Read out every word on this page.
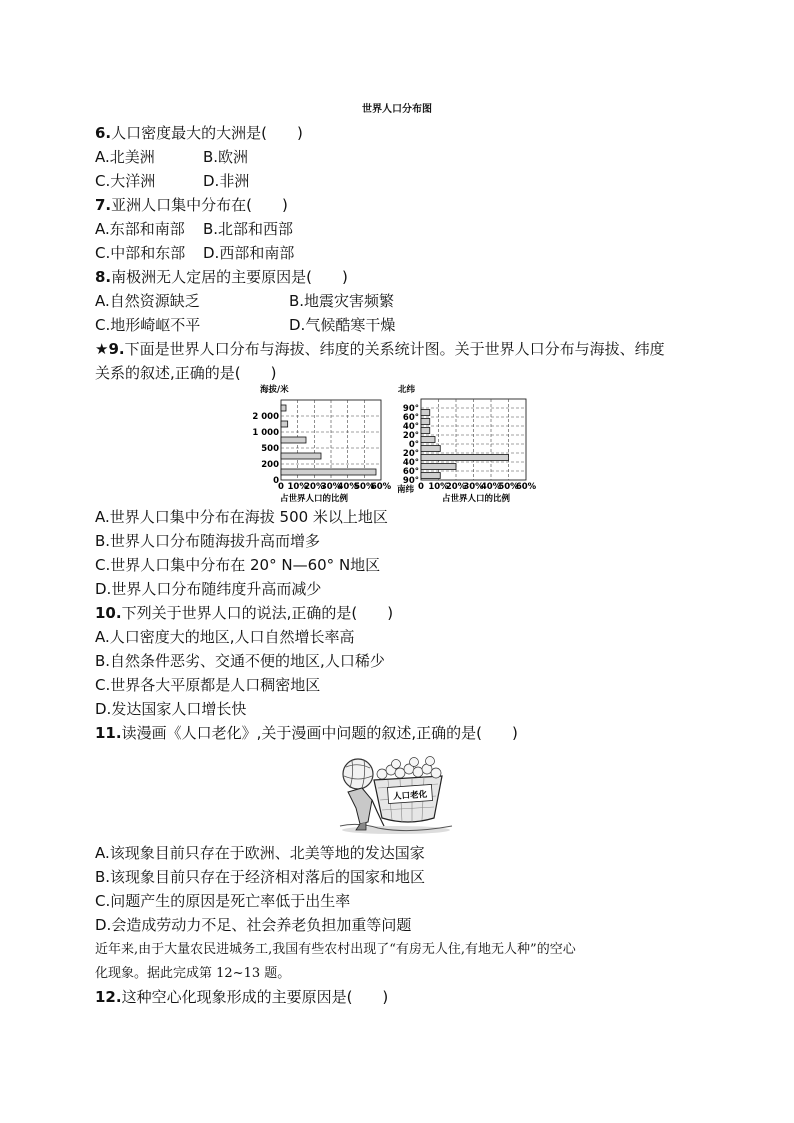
世界人口分布图
6.人口密度最大的大洲是(　　)
A.北美洲	B.欧洲
C.大洋洲	D.非洲
7.亚洲人口集中分布在(　　)
A.东部和南部 B.北部和西部
C.中部和东部 D.西部和南部
8.南极洲无人定居的主要原因是(　　)
A.自然资源缺乏	B.地震灾害频繁
C.地形崎岖不平	D.气候酷寒干燥
★9.下面是世界人口分布与海拔、纬度的关系统计图。关于世界人口分布与海拔、纬度
关系的叙述,正确的是(　　)
海拔/米
0
200
500
1 000
2 000
0 10%
20%
30%
40%
50%
60%
占世界人口的比例
北纬
90°
60°
40°
20°
0°
20°
40°
60°
90°
0 10%
20%
30%
40%
50%
60%
南纬
占世界人口的比例
A.世界人口集中分布在海拔 500 米以上地区
B.世界人口分布随海拔升高而增多
C.世界人口集中分布在 20° N—60° N地区
D.世界人口分布随纬度升高而减少
10.下列关于世界人口的说法,正确的是(　　)
A.人口密度大的地区,人口自然增长率高
B.自然条件恶劣、交通不便的地区,人口稀少
C.世界各大平原都是人口稠密地区
D.发达国家人口增长快
11.读漫画《人口老化》,关于漫画中问题的叙述,正确的是(　　)
人口老化
A.该现象目前只存在于欧洲、北美等地的发达国家
B.该现象目前只存在于经济相对落后的国家和地区
C.问题产生的原因是死亡率低于出生率
D.会造成劳动力不足、社会养老负担加重等问题
近年来,由于大量农民进城务工,我国有些农村出现了“有房无人住,有地无人种”的空心
化现象。据此完成第 12~13 题。
12.这种空心化现象形成的主要原因是(　　)
